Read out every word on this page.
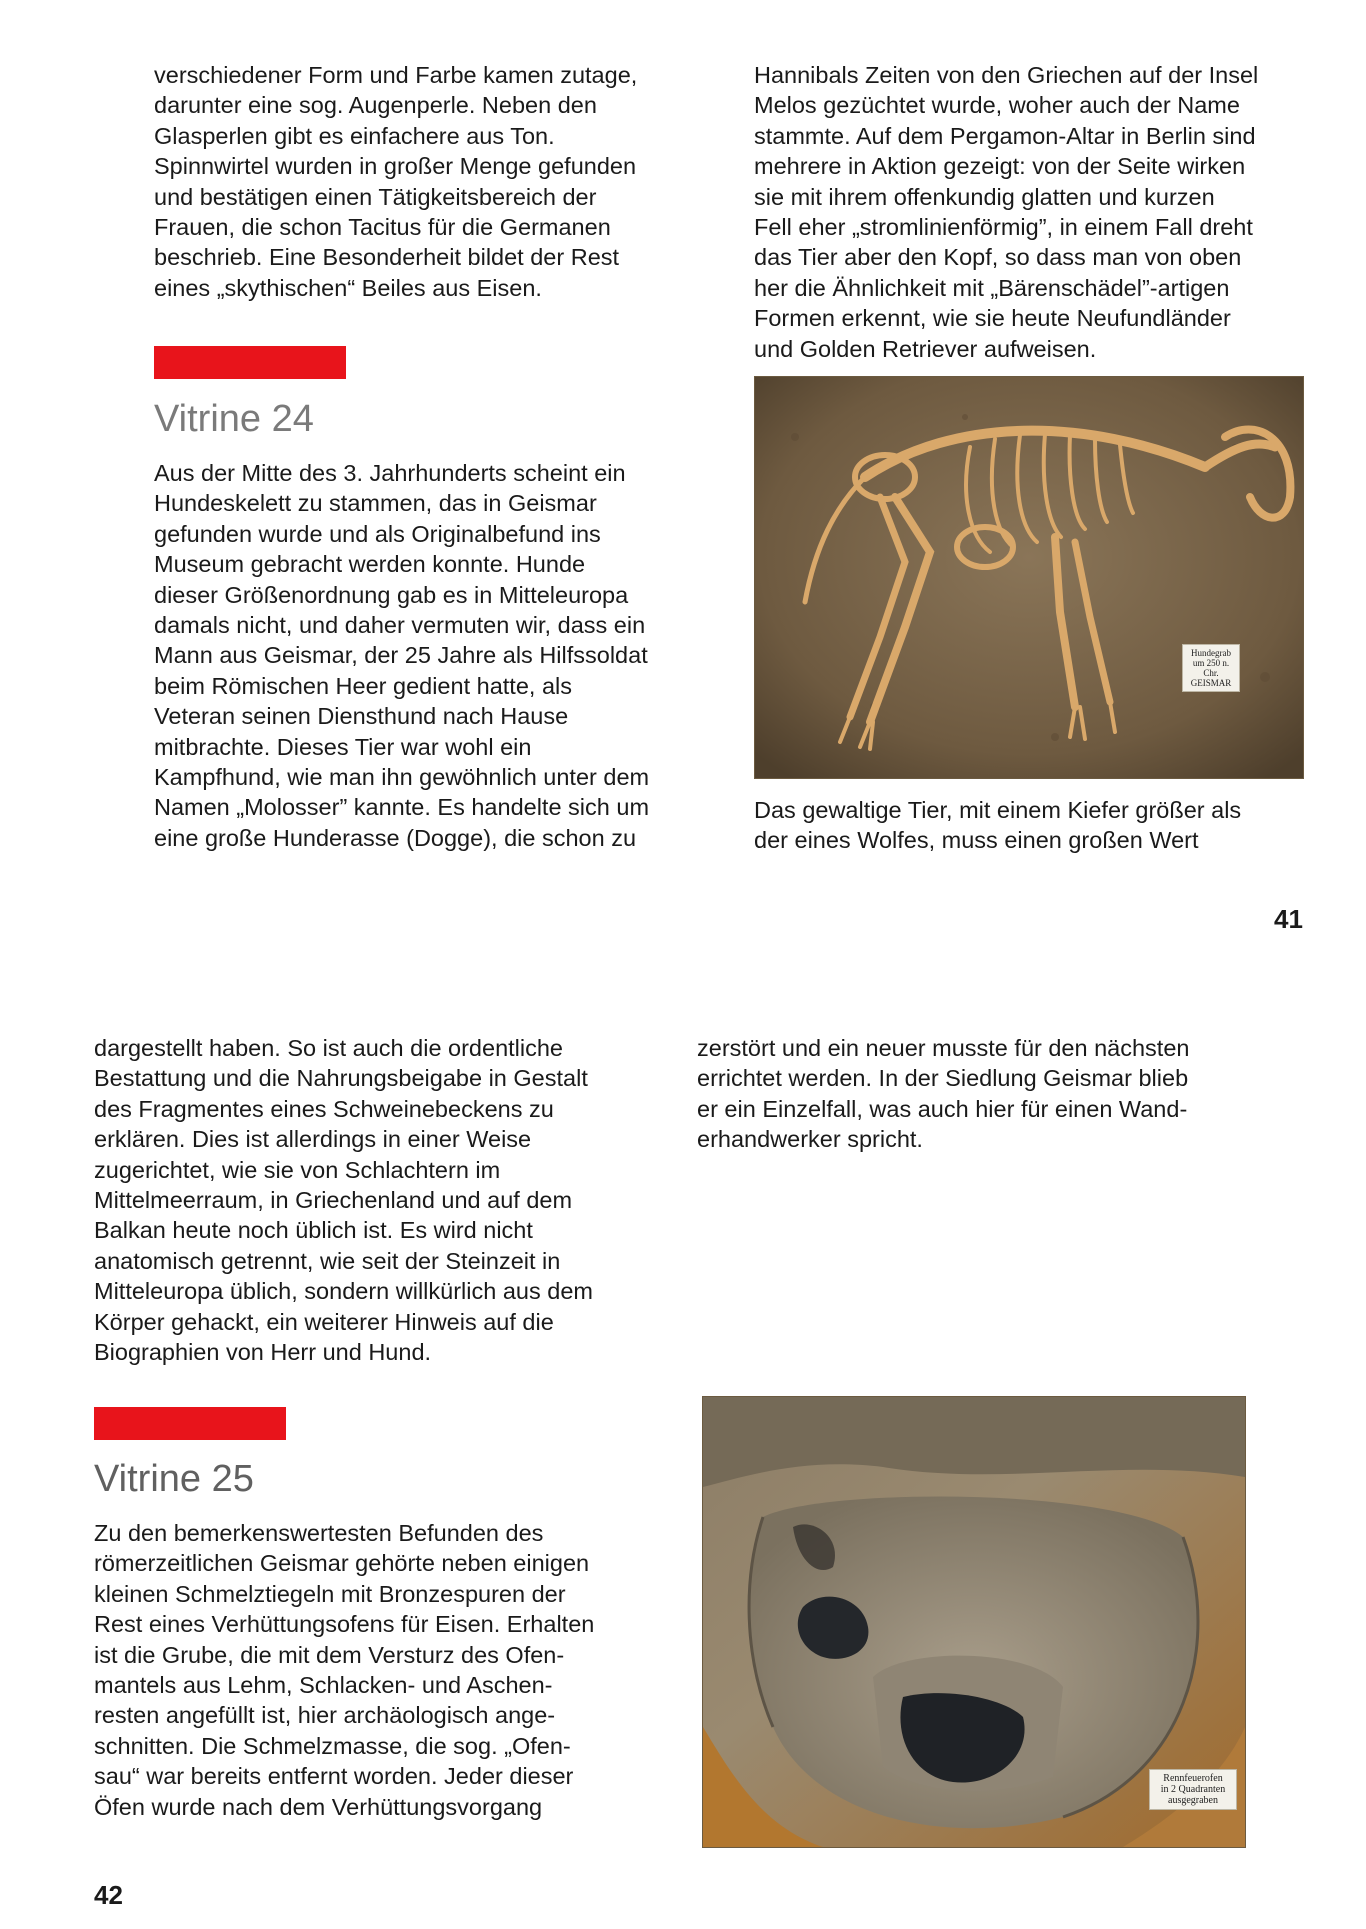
verschiedener Form und Farbe kamen zutage,
darunter eine sog. Augenperle. Neben den
Glasperlen gibt es einfachere aus Ton.
Spinnwirtel wurden in großer Menge gefunden
und bestätigen einen Tätigkeitsbereich der
Frauen, die schon Tacitus für die Germanen
beschrieb. Eine Besonderheit bildet der Rest
eines „skythischen“ Beiles aus Eisen.

Vitrine 24

Aus der Mitte des 3. Jahrhunderts scheint ein
Hundeskelett zu stammen, das in Geismar
gefunden wurde und als Originalbefund ins
Museum gebracht werden konnte. Hunde
dieser Größenordnung gab es in Mitteleuropa
damals nicht, und daher vermuten wir, dass ein
Mann aus Geismar, der 25 Jahre als Hilfssoldat
beim Römischen Heer gedient hatte, als
Veteran seinen Diensthund nach Hause
mitbrachte. Dieses Tier war wohl ein
Kampfhund, wie man ihn gewöhnlich unter dem
Namen „Molosser” kannte. Es handelte sich um
eine große Hunderasse (Dogge), die schon zu

Hannibals Zeiten von den Griechen auf der Insel
Melos gezüchtet wurde, woher auch der Name
stammte. Auf dem Pergamon-Altar in Berlin sind
mehrere in Aktion gezeigt: von der Seite wirken
sie mit ihrem offenkundig glatten und kurzen
Fell eher „stromlinienförmig”, in einem Fall dreht
das Tier aber den Kopf, so dass man von oben
her die Ähnlichkeit mit „Bärenschädel”-artigen
Formen erkennt, wie sie heute Neufundländer
und Golden Retriever aufweisen.

Hundegrab
um 250 n. Chr.
GEISMAR

Das gewaltige Tier, mit einem Kiefer größer als
der eines Wolfes, muss einen großen Wert

41

dargestellt haben. So ist auch die ordentliche
Bestattung und die Nahrungsbeigabe in Gestalt
des Fragmentes eines Schweinebeckens zu
erklären. Dies ist allerdings in einer Weise
zugerichtet, wie sie von Schlachtern im
Mittelmeerraum, in Griechenland und auf dem
Balkan heute noch üblich ist. Es wird nicht
anatomisch getrennt, wie seit der Steinzeit in
Mitteleuropa üblich, sondern willkürlich aus dem
Körper gehackt, ein weiterer Hinweis auf die
Biographien von Herr und Hund.

Vitrine 25

Zu den bemerkenswertesten Befunden des
römerzeitlichen Geismar gehörte neben einigen
kleinen Schmelztiegeln mit Bronzespuren der
Rest eines Verhüttungsofens für Eisen. Erhalten
ist die Grube, die mit dem Versturz des Ofen-
mantels aus Lehm, Schlacken- und Aschen-
resten angefüllt ist, hier archäologisch ange-
schnitten. Die Schmelzmasse, die sog. „Ofen-
sau“ war bereits entfernt worden. Jeder dieser
Öfen wurde nach dem Verhüttungsvorgang

zerstört und ein neuer musste für den nächsten
errichtet werden. In der Siedlung Geismar blieb
er ein Einzelfall, was auch hier für einen Wand-
erhandwerker spricht.

Rennfeuerofen
in 2 Quadranten
ausgegraben
42
